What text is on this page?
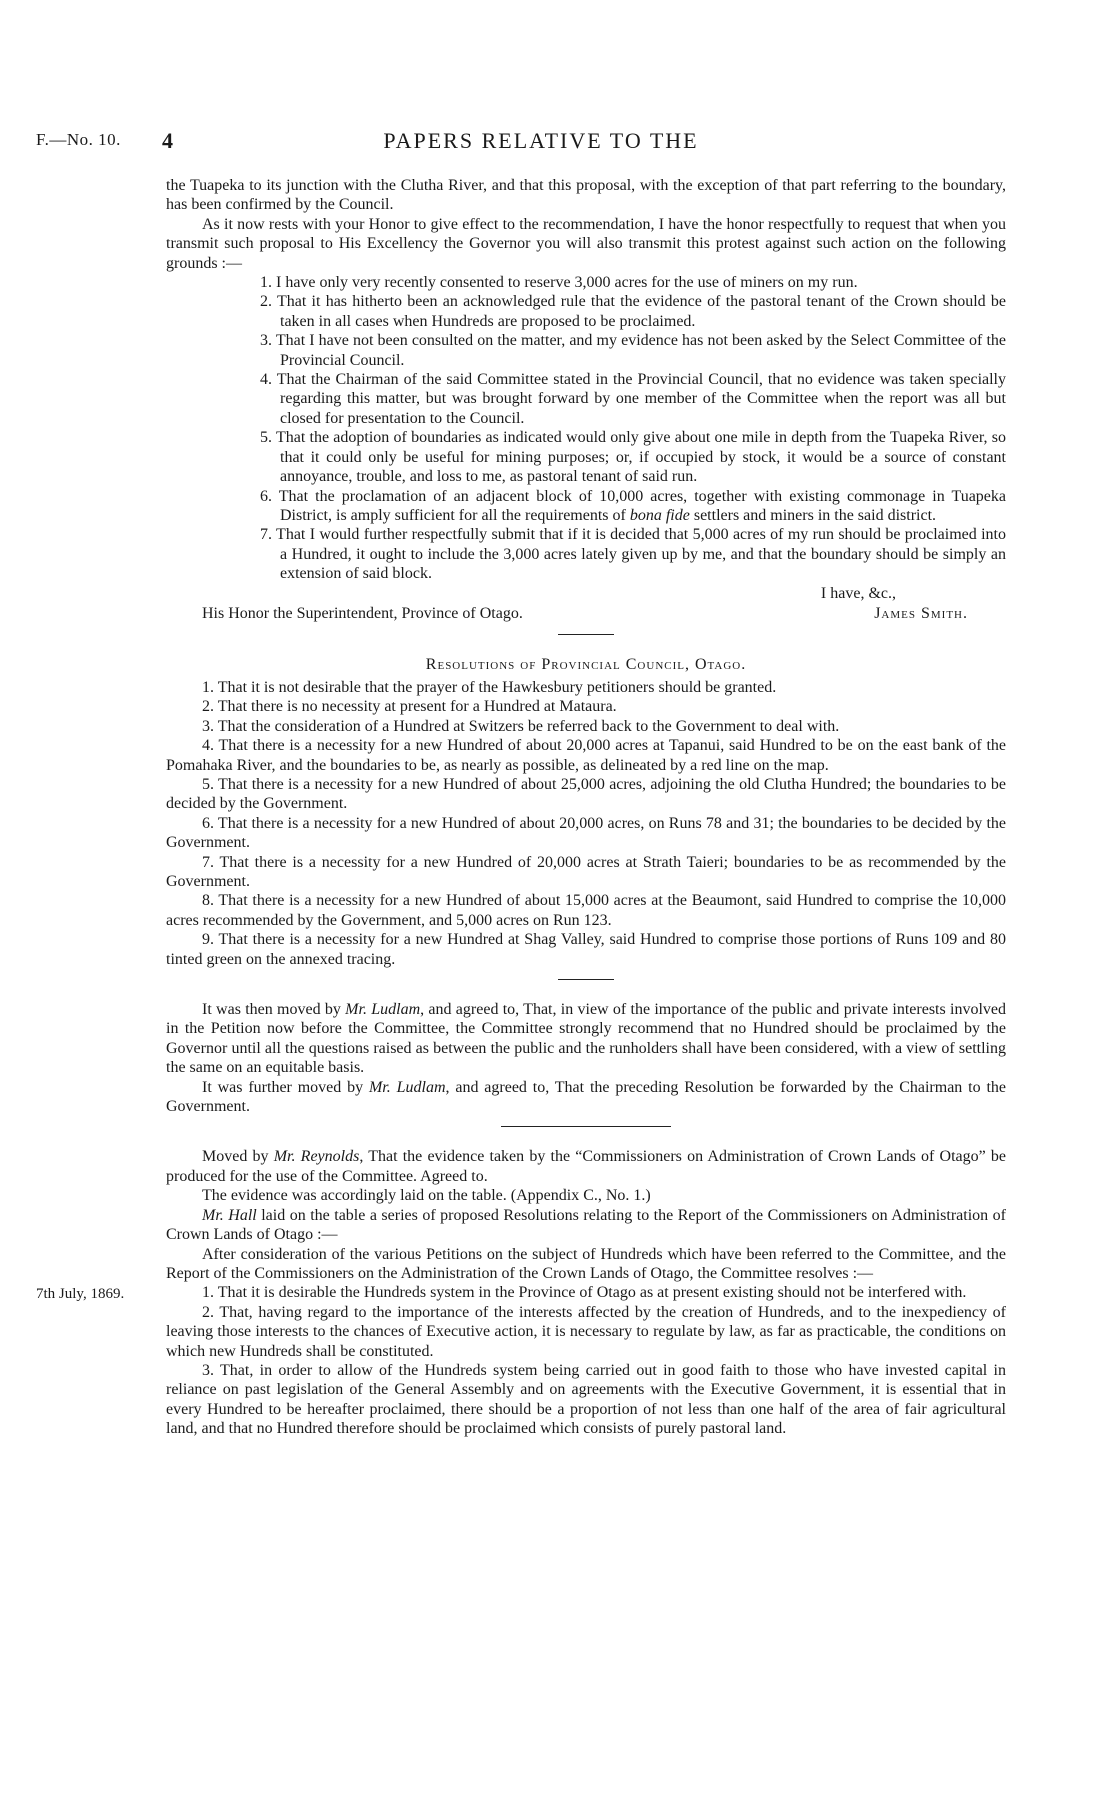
F.—No. 10. 4	PAPERS RELATIVE TO THE

the Tuapeka to its junction with the Clutha River, and that this proposal, with the exception of that part referring to the boundary, has been confirmed by the Council.

As it now rests with your Honor to give effect to the recommendation, I have the honor respectfully to request that when you transmit such proposal to His Excellency the Governor you will also transmit this protest against such action on the following grounds :—

1. I have only very recently consented to reserve 3,000 acres for the use of miners on my run.
2. That it has hitherto been an acknowledged rule that the evidence of the pastoral tenant of the Crown should be taken in all cases when Hundreds are proposed to be proclaimed.
3. That I have not been consulted on the matter, and my evidence has not been asked by the Select Committee of the Provincial Council.
4. That the Chairman of the said Committee stated in the Provincial Council, that no evidence was taken specially regarding this matter, but was brought forward by one member of the Committee when the report was all but closed for presentation to the Council.
5. That the adoption of boundaries as indicated would only give about one mile in depth from the Tuapeka River, so that it could only be useful for mining purposes; or, if occupied by stock, it would be a source of constant annoyance, trouble, and loss to me, as pastoral tenant of said run.
6. That the proclamation of an adjacent block of 10,000 acres, together with existing commonage in Tuapeka District, is amply sufficient for all the requirements of bona fide settlers and miners in the said district.
7. That I would further respectfully submit that if it is decided that 5,000 acres of my run should be proclaimed into a Hundred, it ought to include the 3,000 acres lately given up by me, and that the boundary should be simply an extension of said block.
I have, &c.,
His Honor the Superintendent, Province of Otago.	James Smith.
Resolutions of Provincial Council, Otago.

1. That it is not desirable that the prayer of the Hawkesbury petitioners should be granted.

2. That there is no necessity at present for a Hundred at Mataura.

3. That the consideration of a Hundred at Switzers be referred back to the Government to deal with.

4. That there is a necessity for a new Hundred of about 20,000 acres at Tapanui, said Hundred to be on the east bank of the Pomahaka River, and the boundaries to be, as nearly as possible, as delineated by a red line on the map.

5. That there is a necessity for a new Hundred of about 25,000 acres, adjoining the old Clutha Hundred; the boundaries to be decided by the Government.

6. That there is a necessity for a new Hundred of about 20,000 acres, on Runs 78 and 31; the boundaries to be decided by the Government.

7. That there is a necessity for a new Hundred of 20,000 acres at Strath Taieri; boundaries to be as recommended by the Government.

8. That there is a necessity for a new Hundred of about 15,000 acres at the Beaumont, said Hundred to comprise the 10,000 acres recommended by the Government, and 5,000 acres on Run 123.

9. That there is a necessity for a new Hundred at Shag Valley, said Hundred to comprise those portions of Runs 109 and 80 tinted green on the annexed tracing.

It was then moved by Mr. Ludlam, and agreed to, That, in view of the importance of the public and private interests involved in the Petition now before the Committee, the Committee strongly recommend that no Hundred should be proclaimed by the Governor until all the questions raised as between the public and the runholders shall have been considered, with a view of settling the same on an equitable basis.

It was further moved by Mr. Ludlam, and agreed to, That the preceding Resolution be forwarded by the Chairman to the Government.

Moved by Mr. Reynolds, That the evidence taken by the “Commissioners on Administration of Crown Lands of Otago” be produced for the use of the Committee. Agreed to.

The evidence was accordingly laid on the table. (Appendix C., No. 1.)

Mr. Hall laid on the table a series of proposed Resolutions relating to the Report of the Commissioners on Administration of Crown Lands of Otago :—

After consideration of the various Petitions on the subject of Hundreds which have been referred to the Committee, and the Report of the Commissioners on the Administration of the Crown Lands of Otago, the Committee resolves :—

1. That it is desirable the Hundreds system in the Province of Otago as at present existing should not be interfered with.

2. That, having regard to the importance of the interests affected by the creation of Hundreds, and to the inexpediency of leaving those interests to the chances of Executive action, it is necessary to regulate by law, as far as practicable, the conditions on which new Hundreds shall be constituted.

3. That, in order to allow of the Hundreds system being carried out in good faith to those who have invested capital in reliance on past legislation of the General Assembly and on agreements with the Executive Government, it is essential that in every Hundred to be hereafter proclaimed, there should be a proportion of not less than one half of the area of fair agricultural land, and that no Hundred therefore should be proclaimed which consists of purely pastoral land.

7th July, 1869.
